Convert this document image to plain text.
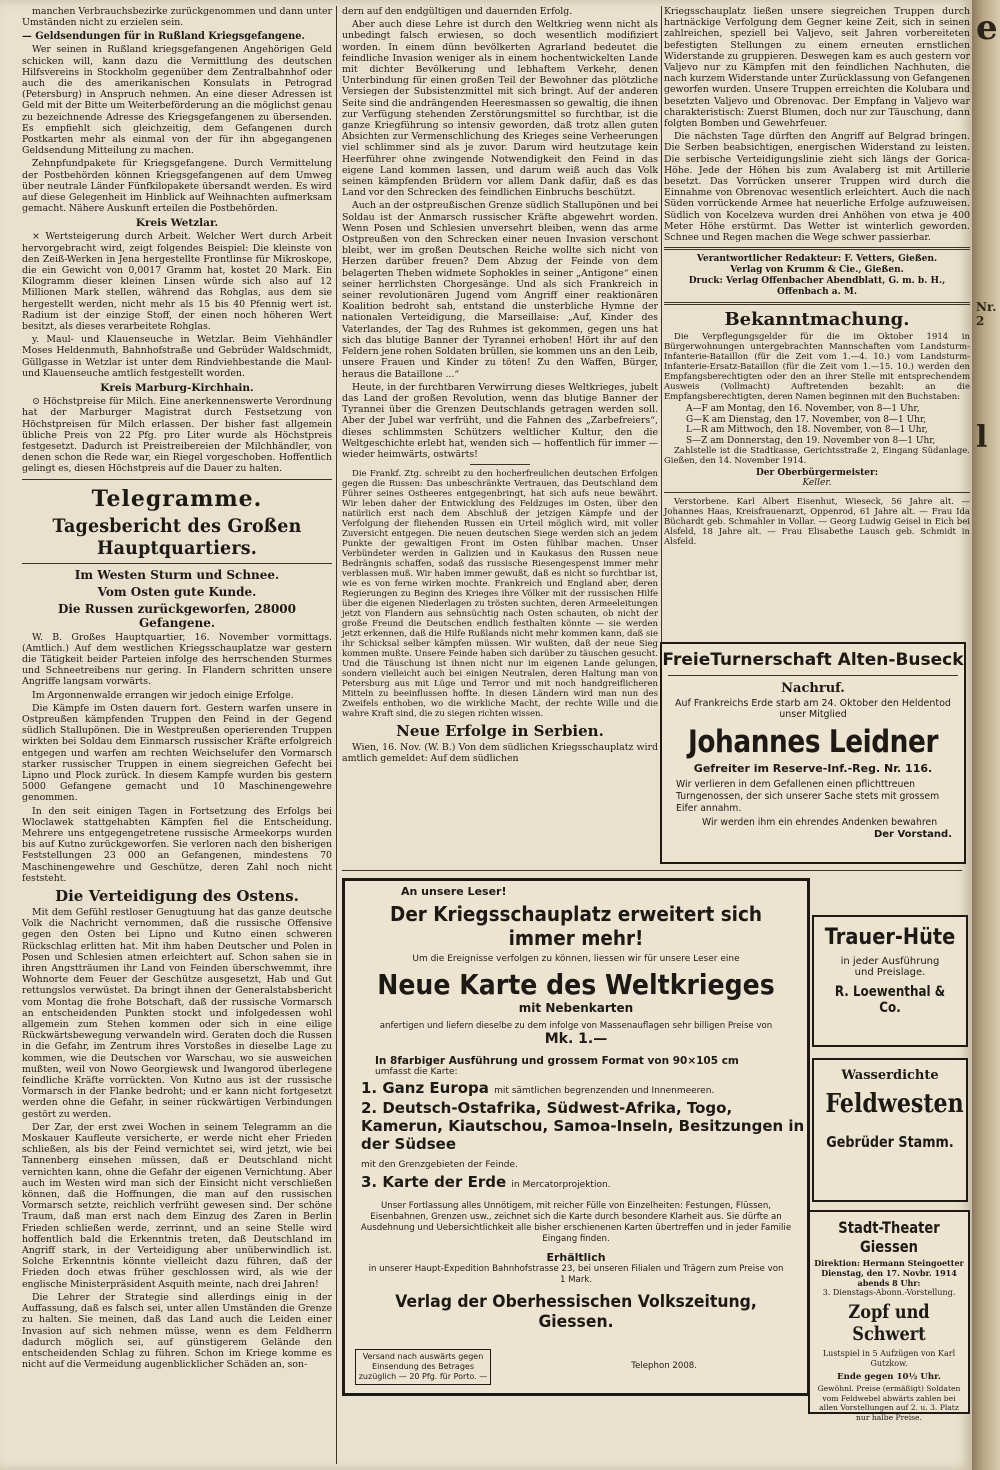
manchen Verbrauchsbezirke zurückgenommen und dann unter Umständen nicht zu erzielen sein.

— Geldsendungen für in Rußland Kriegsgefangene.

Wer seinen in Rußland kriegsgefangenen Angehörigen Geld schicken will, kann dazu die Vermittlung des deutschen Hilfsvereins in Stockholm gegenüber dem Zentralbahnhof oder auch die des amerikanischen Konsulats in Petrograd (Petersburg) in Anspruch nehmen. An eine dieser Adressen ist Geld mit der Bitte um Weiterbeförderung an die möglichst genau zu bezeichnende Adresse des Kriegsgefangenen zu übersenden. Es empfiehlt sich gleichzeitig, dem Gefangenen durch Postkarten mehr als einmal von der für ihn abgegangenen Geldsendung Mitteilung zu machen.

Zehnpfundpakete für Kriegsgefangene. Durch Vermittelung der Postbehörden können Kriegsgefangenen auf dem Umweg über neutrale Länder Fünfkilopakete übersandt werden. Es wird auf diese Gelegenheit im Hinblick auf Weihnachten aufmerksam gemacht. Nähere Auskunft erteilen die Postbehörden.

Kreis Wetzlar.

× Wertsteigerung durch Arbeit. Welcher Wert durch Arbeit hervorgebracht wird, zeigt folgendes Beispiel: Die kleinste von den Zeiß-Werken in Jena hergestellte Frontlinse für Mikroskope, die ein Gewicht von 0,0017 Gramm hat, kostet 20 Mark. Ein Kilogramm dieser kleinen Linsen würde sich also auf 12 Millionen Mark stellen, während das Rohglas, aus dem sie hergestellt werden, nicht mehr als 15 bis 40 Pfennig wert ist. Radium ist der einzige Stoff, der einen noch höheren Wert besitzt, als dieses verarbeitete Rohglas.

y. Maul- und Klauenseuche in Wetzlar. Beim Viehhändler Moses Heldenmuth, Bahnhofstraße und Gebrüder Waldschmidt, Güllgasse in Wetzlar ist unter dem Rindviehbestande die Maul- und Klauenseuche amtlich festgestellt worden.

Kreis Marburg-Kirchhain.

⊙ Höchstpreise für Milch. Eine anerkennenswerte Verordnung hat der Marburger Magistrat durch Festsetzung von Höchstpreisen für Milch erlassen. Der bisher fast allgemein übliche Preis von 22 Pfg. pro Liter wurde als Höchstpreis festgesetzt. Dadurch ist Preistreibereien der Milchhändler, von denen schon die Rede war, ein Riegel vorgeschoben. Hoffentlich gelingt es, diesen Höchstpreis auf die Dauer zu halten.

Telegramme.
Tagesbericht des Großen Hauptquartiers.
Im Westen Sturm und Schnee.
Vom Osten gute Kunde.
Die Russen zurückgeworfen, 28000 Gefangene.

W. B. Großes Hauptquartier, 16. November vormittags. (Amtlich.) Auf dem westlichen Kriegsschauplatze war gestern die Tätigkeit beider Parteien infolge des herrschenden Sturmes und Schneetreibens nur gering. In Flandern schritten unsere Angriffe langsam vorwärts.

Im Argonnenwalde errangen wir jedoch einige Erfolge.

Die Kämpfe im Osten dauern fort. Gestern warfen unsere in Ostpreußen kämpfenden Truppen den Feind in der Gegend südlich Stallupönen. Die in Westpreußen operierenden Truppen wirkten bei Soldau dem Einmarsch russischer Kräfte erfolgreich entgegen und warfen am rechten Weichselufer den Vormarsch starker russischer Truppen in einem siegreichen Gefecht bei Lipno und Plock zurück. In diesem Kampfe wurden bis gestern 5000 Gefangene gemacht und 10 Maschinengewehre genommen.

In den seit einigen Tagen in Fortsetzung des Erfolgs bei Wloclawek stattgehabten Kämpfen fiel die Entscheidung. Mehrere uns entgegengetretene russische Armeekorps wurden bis auf Kutno zurückgeworfen. Sie verloren nach den bisherigen Feststellungen 23 000 an Gefangenen, mindestens 70 Maschinengewehre und Geschütze, deren Zahl noch nicht feststeht.

Die Verteidigung des Ostens.

Mit dem Gefühl restloser Genugtuung hat das ganze deutsche Volk die Nachricht vernommen, daß die russische Offensive gegen den Osten bei Lipno und Kutno einen schweren Rückschlag erlitten hat. Mit ihm haben Deutscher und Polen in Posen und Schlesien atmen erleichtert auf. Schon sahen sie in ihren Angstträumen ihr Land von Feinden überschwemmt, ihre Wohnorte dem Feuer der Geschütze ausgesetzt, Hab und Gut rettungslos verwüstet. Da bringt ihnen der Generalstabsbericht vom Montag die frohe Botschaft, daß der russische Vormarsch an entscheidenden Punkten stockt und infolgedessen wohl allgemein zum Stehen kommen oder sich in eine eilige Rückwärtsbewegung verwandeln wird. Geraten doch die Russen in die Gefahr, im Zentrum ihres Vorstoßes in dieselbe Lage zu kommen, wie die Deutschen vor Warschau, wo sie ausweichen mußten, weil von Nowo Georgiewsk und Iwangorod überlegene feindliche Kräfte vorrückten. Von Kutno aus ist der russische Vormarsch in der Flanke bedroht; und er kann nicht fortgesetzt werden ohne die Gefahr, in seiner rückwärtigen Verbindungen gestört zu werden.

Der Zar, der erst zwei Wochen in seinem Telegramm an die Moskauer Kaufleute versicherte, er werde nicht eher Frieden schließen, als bis der Feind vernichtet sei, wird jetzt, wie bei Tannenberg einsehen müssen, daß er Deutschland nicht vernichten kann, ohne die Gefahr der eigenen Vernichtung. Aber auch im Westen wird man sich der Einsicht nicht verschließen können, daß die Hoffnungen, die man auf den russischen Vormarsch setzte, reichlich verfrüht gewesen sind. Der schöne Traum, daß man erst nach dem Einzug des Zaren in Berlin Frieden schließen werde, zerrinnt, und an seine Stelle wird hoffentlich bald die Erkenntnis treten, daß Deutschland im Angriff stark, in der Verteidigung aber unüberwindlich ist. Solche Erkenntnis könnte vielleicht dazu führen, daß der Frieden doch etwas früher geschlossen wird, als wie der englische Ministerpräsident Asquith meinte, nach drei Jahren!

Die Lehrer der Strategie sind allerdings einig in der Auffassung, daß es falsch sei, unter allen Umständen die Grenze zu halten. Sie meinen, daß das Land auch die Leiden einer Invasion auf sich nehmen müsse, wenn es dem Feldherrn dadurch möglich sei, auf günstigerem Gelände den entscheidenden Schlag zu führen. Schon im Kriege komme es nicht auf die Vermeidung augenblicklicher Schäden an, son-

dern auf den endgültigen und dauernden Erfolg.

Aber auch diese Lehre ist durch den Weltkrieg wenn nicht als unbedingt falsch erwiesen, so doch wesentlich modifiziert worden. In einem dünn bevölkerten Agrarland bedeutet die feindliche Invasion weniger als in einem hochentwickelten Lande mit dichter Bevölkerung und lebhaftem Verkehr, denen Unterbindung für einen großen Teil der Bewohner das plötzliche Versiegen der Subsistenzmittel mit sich bringt. Auf der anderen Seite sind die andrängenden Heeresmassen so gewaltig, die ihnen zur Verfügung stehenden Zerstörungsmittel so furchtbar, ist die ganze Kriegführung so intensiv geworden, daß trotz allen guten Absichten zur Vermenschlichung des Krieges seine Verheerungen viel schlimmer sind als je zuvor. Darum wird heutzutage kein Heerführer ohne zwingende Notwendigkeit den Feind in das eigene Land kommen lassen, und darum weiß auch das Volk seinen kämpfenden Brüdern vor allem Dank dafür, daß es das Land vor den Schrecken des feindlichen Einbruchs beschützt.

Auch an der ostpreußischen Grenze südlich Stallupönen und bei Soldau ist der Anmarsch russischer Kräfte abgewehrt worden. Wenn Posen und Schlesien unversehrt bleiben, wenn das arme Ostpreußen von den Schrecken einer neuen Invasion verschont bleibt, wer im großen Deutschen Reiche wollte sich nicht von Herzen darüber freuen? Dem Abzug der Feinde von dem belagerten Theben widmete Sophokles in seiner „Antigone“ einen seiner herrlichsten Chorgesänge. Und als sich Frankreich in seiner revolutionären Jugend vom Angriff einer reaktionären Koalition bedroht sah, entstand die unsterbliche Hymne der nationalen Verteidigung, die Marseillaise: „Auf, Kinder des Vaterlandes, der Tag des Ruhmes ist gekommen, gegen uns hat sich das blutige Banner der Tyrannei erhoben! Hört ihr auf den Feldern jene rohen Soldaten brüllen, sie kommen uns an den Leib, unsere Frauen und Kinder zu töten! Zu den Waffen, Bürger, heraus die Bataillone ...“

Heute, in der furchtbaren Verwirrung dieses Weltkrieges, jubelt das Land der großen Revolution, wenn das blutige Banner der Tyrannei über die Grenzen Deutschlands getragen werden soll. Aber der Jubel war verfrüht, und die Fahnen des „Zarbefreiers“, dieses schlimmsten Schützers weltlicher Kultur, den die Weltgeschichte erlebt hat, wenden sich — hoffentlich für immer — wieder heimwärts, ostwärts!

Die Frankf. Ztg. schreibt zu den hocherfreulichen deutschen Erfolgen gegen die Russen: Das unbeschränkte Vertrauen, das Deutschland dem Führer seines Ostheeres entgegenbringt, hat sich aufs neue bewährt. Wir leben daher der Entwicklung des Feldzuges im Osten, über den natürlich erst nach dem Abschluß der jetzigen Kämpfe und der Verfolgung der fliehenden Russen ein Urteil möglich wird, mit voller Zuversicht entgegen. Die neuen deutschen Siege werden sich an jedem Punkte der gewaltigen Front im Osten fühlbar machen. Unser Verbündeter werden in Galizien und in Kaukasus den Russen neue Bedrängnis schaffen, sodaß das russische Riesengespenst immer mehr verblassen muß. Wir haben immer gewußt, daß es nicht so furchtbar ist, wie es von ferne wirken mochte. Frankreich und England aber, deren Regierungen zu Beginn des Krieges ihre Völker mit der russischen Hilfe über die eigenen Niederlagen zu trösten suchten, deren Armeeleitungen jetzt von Flandern aus sehnsüchtig nach Osten schauten, ob nicht der große Freund die Deutschen endlich festhalten könnte — sie werden jetzt erkennen, daß die Hilfe Rußlands nicht mehr kommen kann, daß sie ihr Schicksal selber kämpfen müssen. Wir wußten, daß der neue Sieg kommen mußte. Unsere Feinde haben sich darüber zu täuschen gesucht. Und die Täuschung ist ihnen nicht nur im eigenen Lande gelungen, sondern vielleicht auch bei einigen Neutralen, deren Haltung man von Petersburg aus mit Lüge und Terror und mit noch handgreiflicheren Mitteln zu beeinflussen hoffte. In diesen Ländern wird man nun des Zweifels enthoben, wo die wirkliche Macht, der rechte Wille und die wahre Kraft sind, die zu siegen richten wissen.

Neue Erfolge in Serbien.

Wien, 16. Nov. (W. B.) Von dem südlichen Kriegsschauplatz wird amtlich gemeldet: Auf dem südlichen

Kriegsschauplatz ließen unsere siegreichen Truppen durch hartnäckige Verfolgung dem Gegner keine Zeit, sich in seinen zahlreichen, speziell bei Valjevo, seit Jahren vorbereiteten befestigten Stellungen zu einem erneuten ernstlichen Widerstande zu gruppieren. Deswegen kam es auch gestern vor Valjevo nur zu Kämpfen mit den feindlichen Nachhuten, die nach kurzem Widerstande unter Zurücklassung von Gefangenen geworfen wurden. Unsere Truppen erreichten die Kolubara und besetzten Valjevo und Obrenovac. Der Empfang in Valjevo war charakteristisch: Zuerst Blumen, doch nur zur Täuschung, dann folgten Bomben und Gewehrfeuer.

Die nächsten Tage dürften den Angriff auf Belgrad bringen. Die Serben beabsichtigen, energischen Widerstand zu leisten. Die serbische Verteidigungslinie zieht sich längs der Gorica-Höhe. Jede der Höhen bis zum Avalaberg ist mit Artillerie besetzt. Das Vorrücken unserer Truppen wird durch die Einnahme von Obrenovac wesentlich erleichtert. Auch die nach Süden vorrückende Armee hat neuerliche Erfolge aufzuweisen. Südlich von Kocelzeva wurden drei Anhöhen von etwa je 400 Meter Höhe erstürmt. Das Wetter ist winterlich geworden. Schnee und Regen machen die Wege schwer passierbar.

Verantwortlicher Redakteur: F. Vetters, Gießen.
Verlag von Krumm & Cie., Gießen.
Druck: Verlag Offenbacher Abendblatt, G. m. b. H., Offenbach a. M.
Bekanntmachung.

Die Verpflegungsgelder für die im Oktober 1914 in Bürgerwohnungen untergebrachten Mannschaften vom Landsturm-Infanterie-Bataillon (für die Zeit vom 1.—4. 10.) vom Landsturm-Infanterie-Ersatz-Bataillon (für die Zeit vom 1.—15. 10.) werden den Empfangsberechtigten oder den an ihrer Stelle mit entsprechendem Ausweis (Vollmacht) Auftretenden bezahlt: an die Empfangsberechtigten, deren Namen beginnen mit den Buchstaben:

A—F am Montag, den 16. November, von 8—1 Uhr,
G—K am Dienstag, den 17. November, von 8—1 Uhr,
L—R am Mittwoch, den 18. November, von 8—1 Uhr,
S—Z am Donnerstag, den 19. November von 8—1 Uhr,

Zahlstelle ist die Stadtkasse, Gerichtsstraße 2, Eingang Südanlage. Gießen, den 14. November 1914.

Der Oberbürgermeister:
Keller.

Verstorbene. Karl Albert Eisenhut, Wieseck, 56 Jahre alt. — Johannes Haas, Kreisfrauenarzt, Oppenrod, 61 Jahre alt. — Frau Ida Büchardt geb. Schmahler in Vollar. — Georg Ludwig Geisel in Eich bei Alsfeld, 18 Jahre alt. — Frau Elisabethe Lausch geb. Schmidt in Alsfeld.

FreieTurnerschaft Alten-Buseck
Nachruf.
Auf Frankreichs Erde starb am 24. Oktober den Heldentod unser Mitglied
Johannes Leidner
Gefreiter im Reserve-Inf.-Reg. Nr. 116.
Wir verlieren in dem Gefallenen einen pflichttreuen Turngenossen, der sich unserer Sache stets mit grossem Eifer annahm.
Wir werden ihm ein ehrendes Andenken bewahren
Der Vorstand.
An unsere Leser!
Der Kriegsschauplatz erweitert sich immer mehr!
Um die Ereignisse verfolgen zu können, liessen wir für unsere Leser eine
Neue Karte des Weltkrieges
mit Nebenkarten
anfertigen und liefern dieselbe zu dem infolge von Massenauflagen sehr billigen Preise von
Mk. 1.—
In 8farbiger Ausführung und grossem Format von 90×105 cm
umfasst die Karte:
1. Ganz Europa mit sämtlichen begrenzenden und Innenmeeren.
2. Deutsch-Ostafrika, Südwest-Afrika, Togo, Kamerun, Kiautschou, Samoa-Inseln, Besitzungen in der Südsee
mit den Grenzgebieten der Feinde.
3. Karte der Erde in Mercatorprojektion.
Unser Fortlassung alles Unnötigem, mit reicher Fülle von Einzelheiten: Festungen, Flüssen, Eisenbahnen, Grenzen usw., zeichnet sich die Karte durch besondere Klarheit aus. Sie dürfte an Ausdehnung und Uebersichtlichkeit alle bisher erschienenen Karten übertreffen und in jeder Familie Eingang finden.
Erhältlich
in unserer Haupt-Expedition Bahnhofstrasse 23, bei unseren Filialen und Trägern zum Preise von 1 Mark.
Verlag der Oberhessischen Volkszeitung, Giessen.
Versand nach auswärts gegen Einsendung des Betrages zuzüglich — 20 Pfg. für Porto. —
Telephon 2008.
Trauer-Hüte
in jeder Ausführung
und Preislage.
R. Loewenthal & Co.
Wasserdichte
Feldwesten
Gebrüder Stamm.
Stadt-Theater Giessen
Direktion: Hermann Steingoetter
Dienstag, den 17. Novbr. 1914
abends 8 Uhr:
3. Dienstags-Abonn.-Vorstellung.
Zopf und Schwert
Lustspiel in 5 Aufzügen von Karl Gutzkow.
Ende gegen 10½ Uhr.
Gewöhnl. Preise (ermäßigt) Soldaten vom Feldwebel abwärts zahlen bei allen Vorstellungen auf 2. u. 3. Platz nur halbe Preise.
e
Nr. 2
l
